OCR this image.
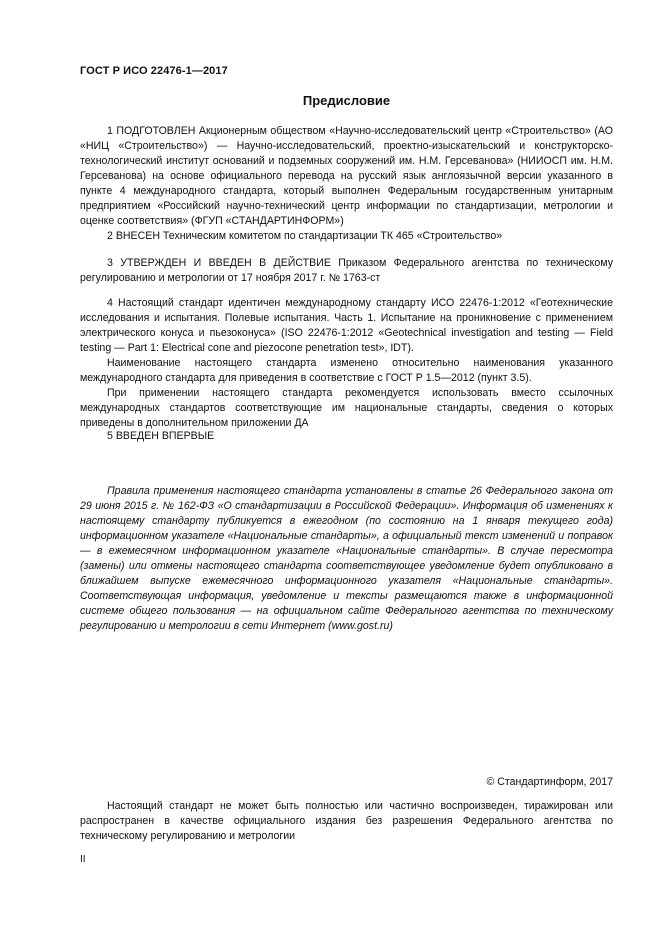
ГОСТ Р ИСО 22476-1—2017
Предисловие

1 ПОДГОТОВЛЕН Акционерным обществом «Научно-исследовательский центр «Строительство» (АО «НИЦ «Строительство») — Научно-исследовательский, проектно-изыскательский и конструкторско-технологический институт оснований и подземных сооружений им. Н.М. Герсеванова» (НИИОСП им. Н.М. Герсеванова) на основе официального перевода на русский язык англоязычной версии указанного в пункте 4 международного стандарта, который выполнен Федеральным государственным унитарным предприятием «Российский научно-технический центр информации по стандартизации, метрологии и оценке соответствия» (ФГУП «СТАНДАРТИНФОРМ»)

2 ВНЕСЕН Техническим комитетом по стандартизации ТК 465 «Строительство»

3 УТВЕРЖДЕН И ВВЕДЕН В ДЕЙСТВИЕ Приказом Федерального агентства по техническому регулированию и метрологии от 17 ноября 2017 г. № 1763-ст

4 Настоящий стандарт идентичен международному стандарту ИСО 22476-1:2012 «Геотехнические исследования и испытания. Полевые испытания. Часть 1. Испытание на проникновение с применением электрического конуса и пьезоконуса» (ISO 22476-1:2012 «Geotechnical investigation and testing — Field testing — Part 1: Electrical cone and piezocone penetration test», IDT).

Наименование настоящего стандарта изменено относительно наименования указанного международного стандарта для приведения в соответствие с ГОСТ Р 1.5—2012 (пункт 3.5).

При применении настоящего стандарта рекомендуется использовать вместо ссылочных международных стандартов соответствующие им национальные стандарты, сведения о которых приведены в дополнительном приложении ДА

5 ВВЕДЕН ВПЕРВЫЕ

Правила применения настоящего стандарта установлены в статье 26 Федерального закона от 29 июня 2015 г. № 162-ФЗ «О стандартизации в Российской Федерации». Информация об изменениях к настоящему стандарту публикуется в ежегодном (по состоянию на 1 января текущего года) информационном указателе «Национальные стандарты», а официальный текст изменений и поправок — в ежемесячном информационном указателе «Национальные стандарты». В случае пересмотра (замены) или отмены настоящего стандарта соответствующее уведомление будет опубликовано в ближайшем выпуске ежемесячного информационного указателя «Национальные стандарты». Соответствующая информация, уведомление и тексты размещаются также в информационной системе общего пользования — на официальном сайте Федерального агентства по техническому регулированию и метрологии в сети Интернет (www.gost.ru)

© Стандартинформ, 2017

Настоящий стандарт не может быть полностью или частично воспроизведен, тиражирован или распространен в качестве официального издания без разрешения Федерального агентства по техническому регулированию и метрологии

II
